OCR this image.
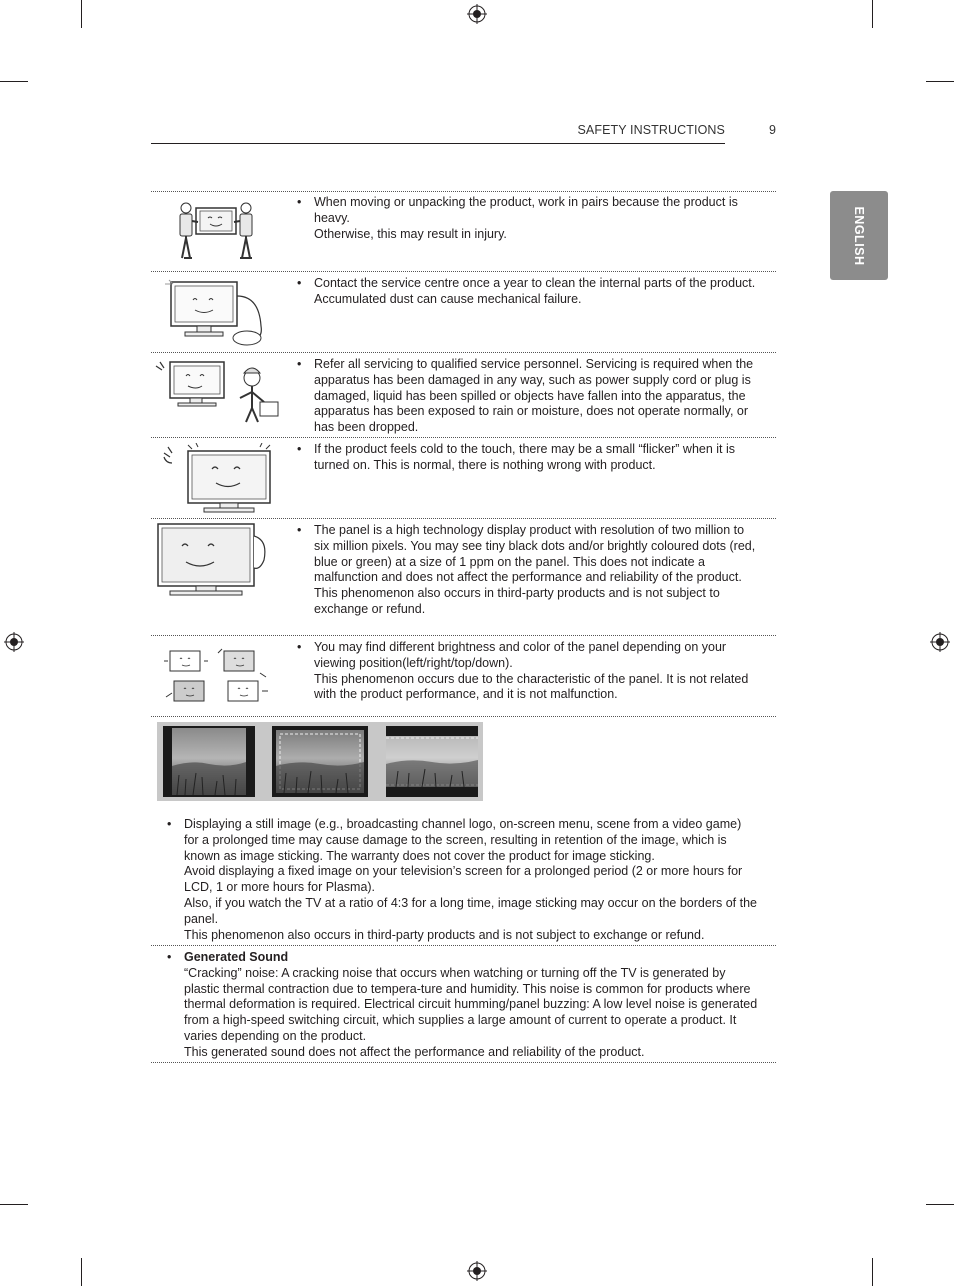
SAFETY INSTRUCTIONS	9
ENGLISH
• When moving or unpacking the product, work in pairs because the product is heavy.
Otherwise, this may result in injury.
• Contact the service centre once a year to clean the internal parts of the product.
Accumulated dust can cause mechanical failure.
• Refer all servicing to qualified service personnel. Servicing is required when the apparatus has been damaged in any way, such as power supply cord or plug is damaged, liquid has been spilled or objects have fallen into the apparatus, the apparatus has been exposed to rain or moisture, does not operate normally, or has been dropped.
• If the product feels cold to the touch, there may be a small “flicker” when it is turned on. This is normal, there is nothing wrong with product.
• The panel is a high technology display product with resolution of two million to six million pixels. You may see tiny black dots and/or brightly coloured dots (red, blue or green) at a size of 1 ppm on the panel. This does not indicate a malfunction and does not affect the performance and reliability of the product.
This phenomenon also occurs in third-party products and is not subject to exchange or refund.
• You may find different brightness and color of the panel depending on your viewing position(left/right/top/down).
This phenomenon occurs due to the characteristic of the panel. It is not related with the product performance, and it is not malfunction.
• Displaying a still image (e.g., broadcasting channel logo, on-screen menu, scene from a video game) for a prolonged time may cause damage to the screen, resulting in retention of the image, which is known as image sticking. The warranty does not cover the product for image sticking.
Avoid displaying a fixed image on your television’s screen for a prolonged period (2 or more hours for LCD, 1 or more hours for Plasma).
Also, if you watch the TV at a ratio of 4:3 for a long time, image sticking may occur on the borders of the panel.
This phenomenon also occurs in third-party products and is not subject to exchange or refund.
• Generated Sound
“Cracking” noise: A cracking noise that occurs when watching or turning off the TV is generated by plastic thermal contraction due to tempera-ture and humidity. This noise is common for products where thermal deformation is required. Electrical circuit humming/panel buzzing: A low level noise is generated from a high-speed switching circuit, which supplies a large amount of current to operate a product. It varies depending on the product.
This generated sound does not affect the performance and reliability of the product.
